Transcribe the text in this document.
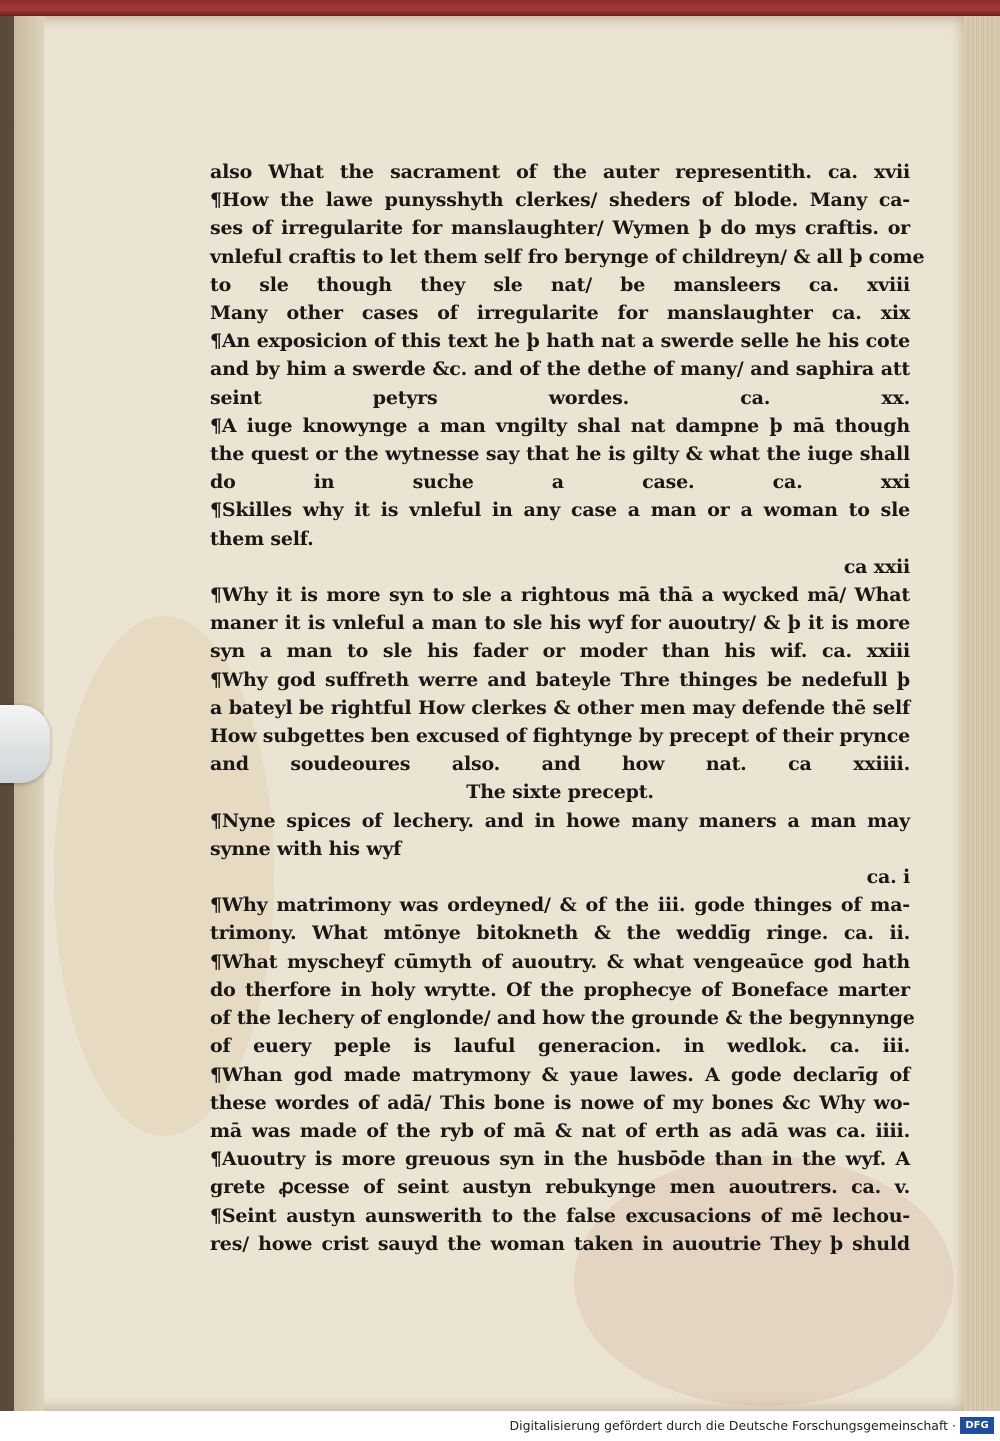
also What the sacrament of the auter representith. ca. xvii
¶How the lawe punysshyth clerkes/ sheders of blode. Many ca-
ses of irregularite for manslaughter/ Wymen þ do mys craftis. or
vnleful craftis to let them self fro berynge of childreyn/ & all þ come
to sle though they sle nat/ be mansleers ca. xviii
Many other cases of irregularite for manslaughter ca. xix
¶An exposicion of this text he þ hath nat a swerde selle he his cote
and by him a swerde &c. and of the dethe of many/ and saphira att
seint petyrs wordes. ca. xx.
¶A iuge knowynge a man vngilty shal nat dampne þ mā though
the quest or the wytnesse say that he is gilty & what the iuge shall
do in suche a case. ca. xxi
¶Skilles why it is vnleful in any case a man or a woman to sle
them self.
ca xxii
¶Why it is more syn to sle a rightous mā thā a wycked mā/ What
maner it is vnleful a man to sle his wyf for auoutry/ & þ it is more
syn a man to sle his fader or moder than his wif. ca. xxiii
¶Why god suffreth werre and bateyle Thre thinges be nedefull þ
a bateyl be rightful How clerkes & other men may defende thē self
How subgettes ben excused of fightynge by precept of their prynce
and soudeoures also. and how nat. ca xxiiii.
The sixte precept.
¶Nyne spices of lechery. and in howe many maners a man may
synne with his wyf
ca. i
¶Why matrimony was ordeyned/ & of the iii. gode thinges of ma-
trimony. What mtōnye bitokneth & the weddīg ringe. ca. ii.
¶What myscheyf cūmyth of auoutry. & what vengeaūce god hath
do therfore in holy wrytte. Of the prophecye of Boneface marter
of the lechery of englonde/ and how the grounde & the begynnynge
of euery peple is lauful generacion. in wedlok. ca. iii.
¶Whan god made matrymony & yaue lawes. A gode declarīg of
these wordes of adā/ This bone is nowe of my bones &c Why wo-
mā was made of the ryb of mā & nat of erth as adā was ca. iiii.
¶Auoutry is more greuous syn in the husbōde than in the wyf. A
grete ꝓcesse of seint austyn rebukynge men auoutrers. ca. v.
¶Seint austyn aunswerith to the false excusacions of mē lechou-
res/ howe crist sauyd the woman taken in auoutrie They þ shuld
Digitalisierung gefördert durch die Deutsche Forschungsgemeinschaft · DFG
